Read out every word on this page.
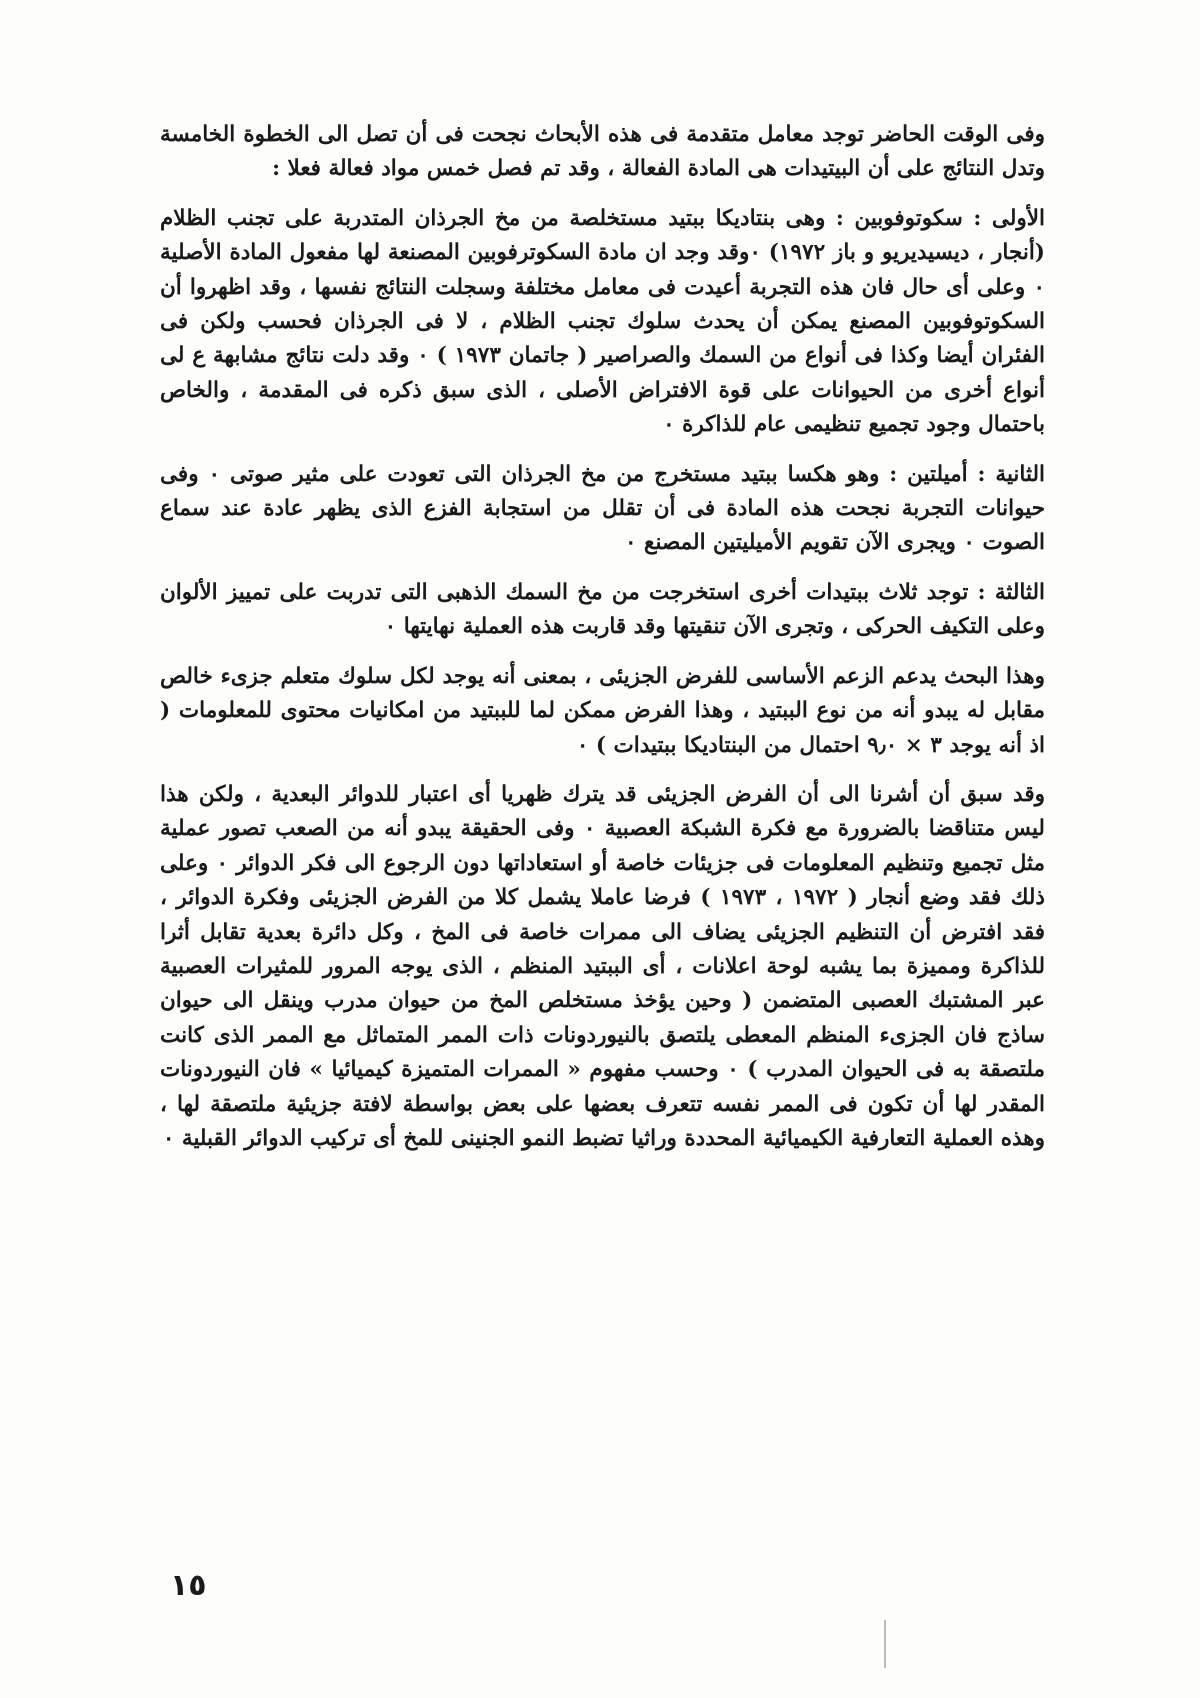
وفى الوقت الحاضر توجد معامل متقدمة فى هذه الأبحاث نجحت فى أن تصل الى الخطوة الخامسة وتدل النتائج على أن البيتيدات هى المادة الفعالة ، وقد تم فصل خمس مواد فعالة فعلا :

الأولى : سكوتوفوبين : وهى بنتاديكا ببتيد مستخلصة من مخ الجرذان المتدربة على تجنب الظلام (أنجار ، ديسيديريو و باز ١٩٧٢) ٠وقد وجد ان مادة السكوترفوبين المصنعة لها مفعول المادة الأصلية ٠ وعلى أى حال فان هذه التجربة أعيدت فى معامل مختلفة وسجلت النتائج نفسها ، وقد اظهروا أن السكوتوفوبين المصنع يمكن أن يحدث سلوك تجنب الظلام ، لا فى الجرذان فحسب ولكن فى الفئران أيضا وكذا فى أنواع من السمك والصراصير ( جاتمان ١٩٧٣ ) ٠ وقد دلت نتائج مشابهة ع لى أنواع أخرى من الحيوانات على قوة الافتراض الأصلى ، الذى سبق ذكره فى المقدمة ، والخاص باحتمال وجود تجميع تنظيمى عام للذاكرة ٠

الثانية : أميلتين : وهو هكسا ببتيد مستخرج من مخ الجرذان التى تعودت على مثير صوتى ٠ وفى حيوانات التجربة نجحت هذه المادة فى أن تقلل من استجابة الفزع الذى يظهر عادة عند سماع الصوت ٠ ويجرى الآن تقويم الأميليتين المصنع ٠

الثالثة : توجد ثلاث ببتيدات أخرى استخرجت من مخ السمك الذهبى التى تدربت على تمييز الألوان وعلى التكيف الحركى ، وتجرى الآن تنقيتها وقد قاربت هذه العملية نهايتها ٠

وهذا البحث يدعم الزعم الأساسى للفرض الجزيئى ، بمعنى أنه يوجد لكل سلوك متعلم جزىء خالص مقابل له يبدو أنه من نوع الببتيد ، وهذا الفرض ممكن لما للببتيد من امكانيات محتوى للمعلومات ( اذ أنه يوجد ٣ × ٩٫٠ احتمال من البنتاديكا ببتيدات ) ٠

وقد سبق أن أشرنا الى أن الفرض الجزيئى قد يترك ظهريا أى اعتبار للدوائر البعدية ، ولكن هذا ليس متناقضا بالضرورة مع فكرة الشبكة العصبية ٠ وفى الحقيقة يبدو أنه من الصعب تصور عملية مثل تجميع وتنظيم المعلومات فى جزيئات خاصة أو استعاداتها دون الرجوع الى فكر الدوائر ٠ وعلى ذلك فقد وضع أنجار ( ١٩٧٢ ، ١٩٧٣ ) فرضا عاملا يشمل كلا من الفرض الجزيئى وفكرة الدوائر ، فقد افترض أن التنظيم الجزيئى يضاف الى ممرات خاصة فى المخ ، وكل دائرة بعدية تقابل أثرا للذاكرة ومميزة بما يشبه لوحة اعلانات ، أى الببتيد المنظم ، الذى يوجه المرور للمثيرات العصبية عبر المشتبك العصبى المتضمن ( وحين يؤخذ مستخلص المخ من حيوان مدرب وينقل الى حيوان ساذج فان الجزىء المنظم المعطى يلتصق بالنيوردونات ذات الممر المتماثل مع الممر الذى كانت ملتصقة به فى الحيوان المدرب ) ٠ وحسب مفهوم « الممرات المتميزة كيميائيا » فان النيوردونات المقدر لها أن تكون فى الممر نفسه تتعرف بعضها على بعض بواسطة لافتة جزيئية ملتصقة لها ، وهذه العملية التعارفية الكيميائية المحددة وراثيا تضبط النمو الجنينى للمخ أى تركيب الدوائر القبلية ٠

١٥
